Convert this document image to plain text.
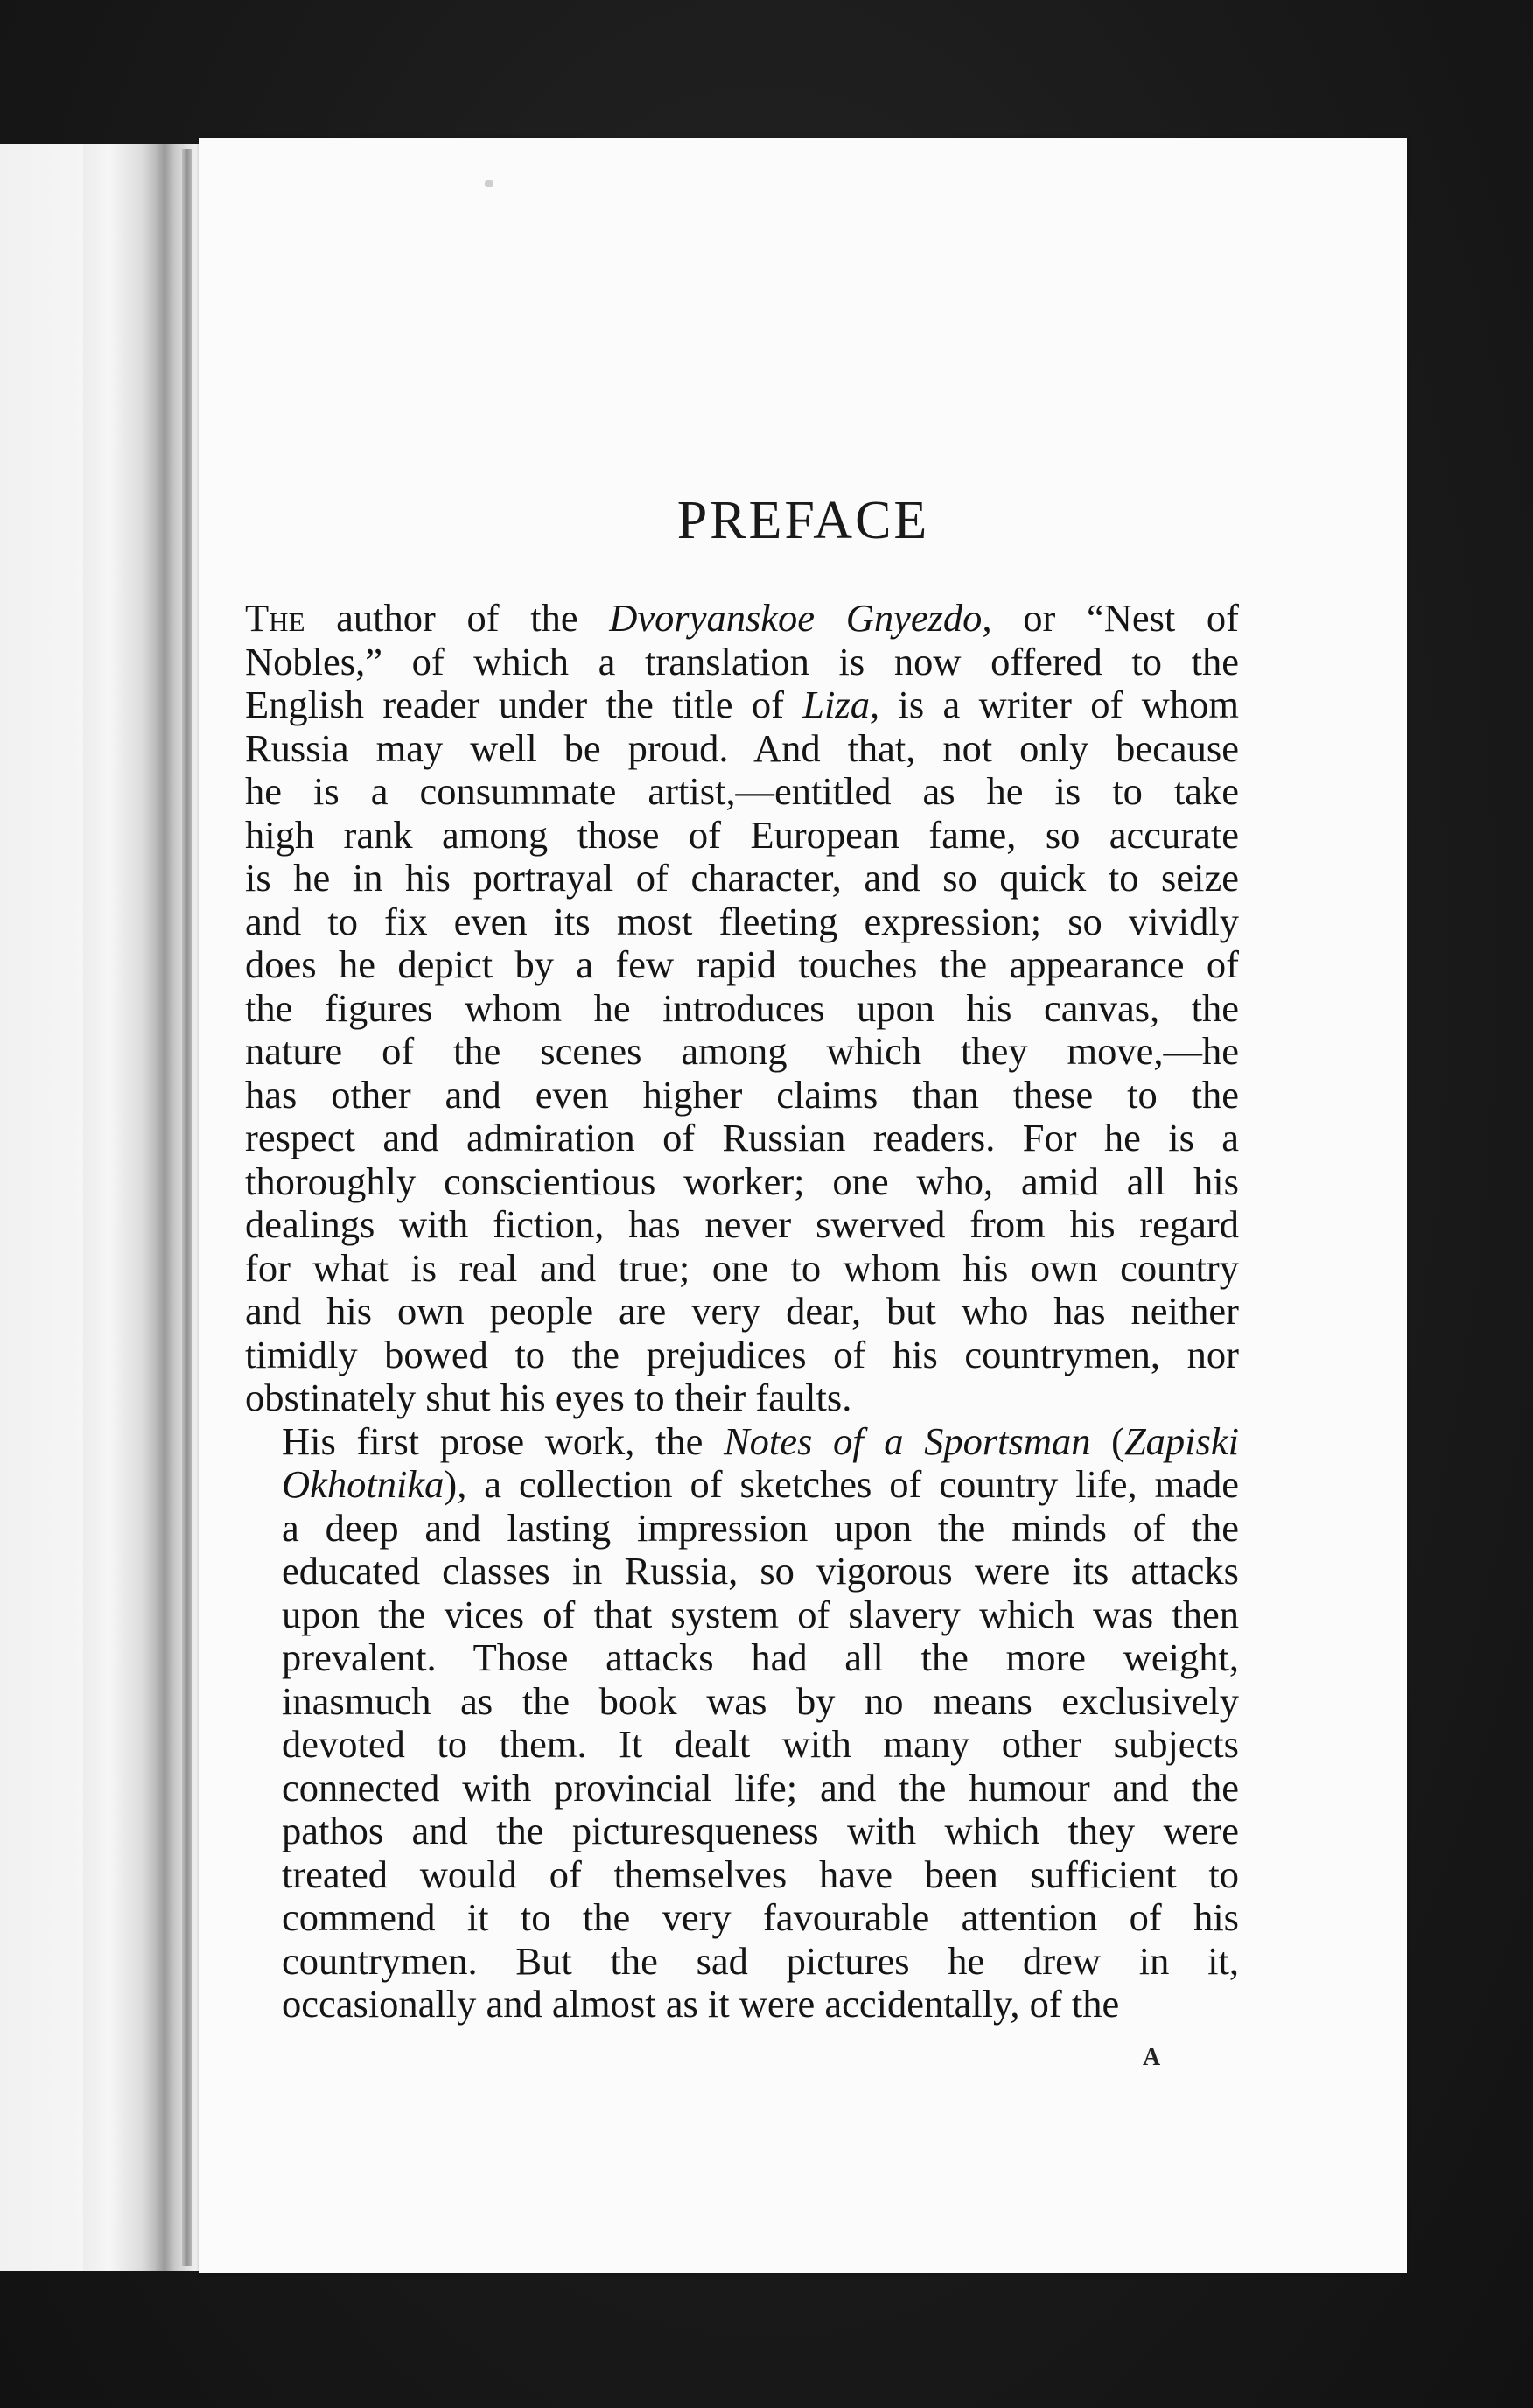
PREFACE

The author of the Dvoryanskoe Gnyezdo, or “Nest of
Nobles,” of which a translation is now offered to the
English reader under the title of Liza, is a writer of whom
Russia may well be proud. And that, not only because
he is a consummate artist,—entitled as he is to take
high rank among those of European fame, so accurate
is he in his portrayal of character, and so quick to seize
and to fix even its most fleeting expression; so vividly
does he depict by a few rapid touches the appearance of
the figures whom he introduces upon his canvas, the
nature of the scenes among which they move,—he
has other and even higher claims than these to the
respect and admiration of Russian readers. For he is a
thoroughly conscientious worker; one who, amid all his
dealings with fiction, has never swerved from his regard
for what is real and true; one to whom his own country
and his own people are very dear, but who has neither
timidly bowed to the prejudices of his countrymen, nor
obstinately shut his eyes to their faults.

His first prose work, the Notes of a Sportsman (Zapiski
Okhotnika), a collection of sketches of country life, made
a deep and lasting impression upon the minds of the
educated classes in Russia, so vigorous were its attacks
upon the vices of that system of slavery which was then
prevalent. Those attacks had all the more weight,
inasmuch as the book was by no means exclusively
devoted to them. It dealt with many other subjects
connected with provincial life; and the humour and the
pathos and the picturesqueness with which they were
treated would of themselves have been sufficient to
commend it to the very favourable attention of his
countrymen. But the sad pictures he drew in it,
occasionally and almost as it were accidentally, of the

A
